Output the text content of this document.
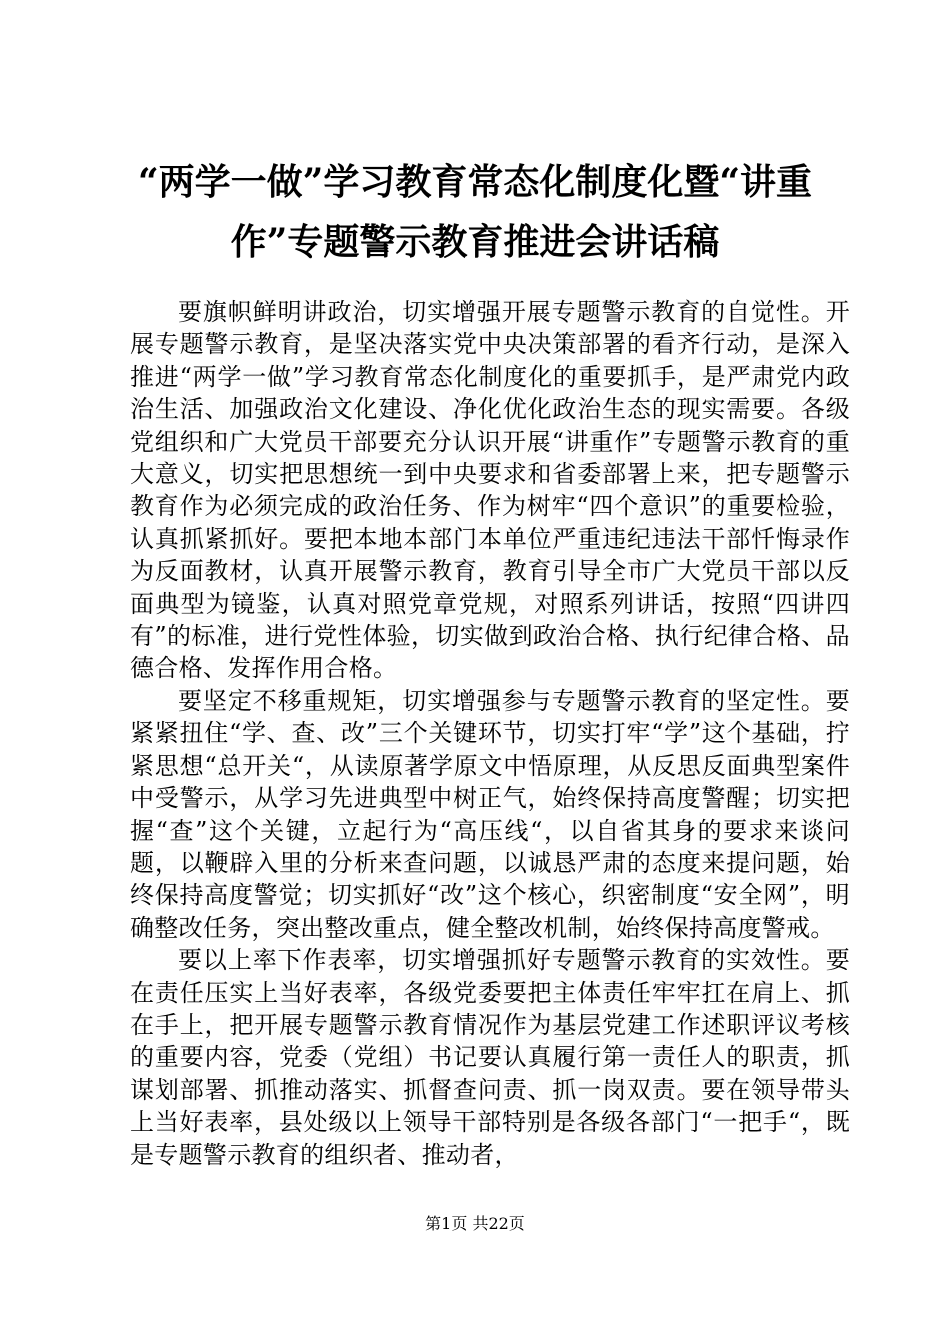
“两学一做”学习教育常态化制度化暨“讲重作”专题警示教育推进会讲话稿

要旗帜鲜明讲政治，切实增强开展专题警示教育的自觉性。开展专题警示教育，是坚决落实党中央决策部署的看齐行动，是深入推进“两学一做”学习教育常态化制度化的重要抓手，是严肃党内政治生活、加强政治文化建设、净化优化政治生态的现实需要。各级党组织和广大党员干部要充分认识开展“讲重作”专题警示教育的重大意义，切实把思想统一到中央要求和省委部署上来，把专题警示教育作为必须完成的政治任务、作为树牢“四个意识”的重要检验，认真抓紧抓好。要把本地本部门本单位严重违纪违法干部忏悔录作为反面教材，认真开展警示教育，教育引导全市广大党员干部以反面典型为镜鉴，认真对照党章党规，对照系列讲话，按照“四讲四有”的标准，进行党性体验，切实做到政治合格、执行纪律合格、品德合格、发挥作用合格。

要坚定不移重规矩，切实增强参与专题警示教育的坚定性。要紧紧扭住“学、查、改”三个关键环节，切实打牢“学”这个基础，拧紧思想“总开关“，从读原著学原文中悟原理，从反思反面典型案件中受警示，从学习先进典型中树正气，始终保持高度警醒；切实把握“查”这个关键，立起行为“高压线“，以自省其身的要求来谈问题，以鞭辟入里的分析来查问题，以诚恳严肃的态度来提问题，始终保持高度警觉；切实抓好“改”这个核心，织密制度“安全网”，明确整改任务，突出整改重点，健全整改机制，始终保持高度警戒。

要以上率下作表率，切实增强抓好专题警示教育的实效性。要在责任压实上当好表率，各级党委要把主体责任牢牢扛在肩上、抓在手上，把开展专题警示教育情况作为基层党建工作述职评议考核的重要内容，党委（党组）书记要认真履行第一责任人的职责，抓谋划部署、抓推动落实、抓督查问责、抓一岗双责。要在领导带头上当好表率，县处级以上领导干部特别是各级各部门“一把手“，既是专题警示教育的组织者、推动者，

第1页 共22页
